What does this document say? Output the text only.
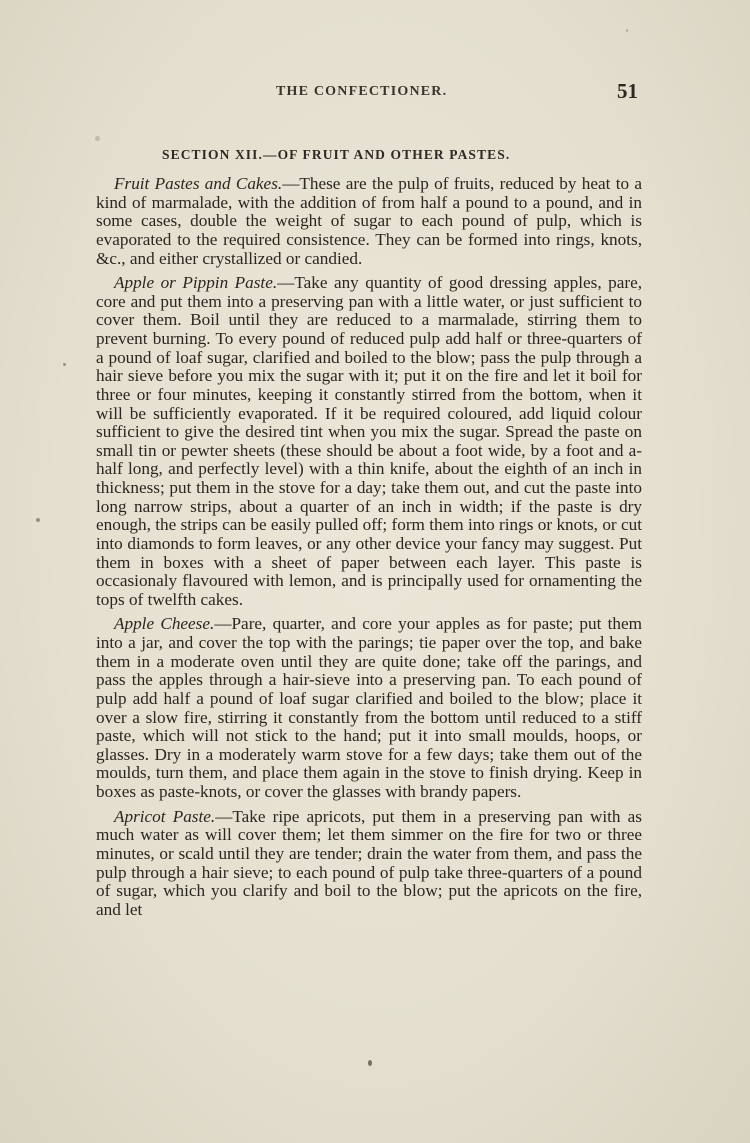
THE CONFECTIONER.	51
SECTION XII.—OF FRUIT AND OTHER PASTES.

Fruit Pastes and Cakes.—These are the pulp of fruits, reduced by heat to a kind of marmalade, with the addition of from half a pound to a pound, and in some cases, double the weight of sugar to each pound of pulp, which is evaporated to the required consistence. They can be formed into rings, knots, &c., and either crystallized or candied.

Apple or Pippin Paste.—Take any quantity of good dressing apples, pare, core and put them into a preserving pan with a little water, or just sufficient to cover them. Boil until they are reduced to a marmalade, stirring them to prevent burning. To every pound of reduced pulp add half or three-quarters of a pound of loaf sugar, clarified and boiled to the blow; pass the pulp through a hair sieve before you mix the sugar with it; put it on the fire and let it boil for three or four minutes, keeping it constantly stirred from the bottom, when it will be sufficiently evaporated. If it be required coloured, add liquid colour sufficient to give the desired tint when you mix the sugar. Spread the paste on small tin or pewter sheets (these should be about a foot wide, by a foot and a-half long, and perfectly level) with a thin knife, about the eighth of an inch in thickness; put them in the stove for a day; take them out, and cut the paste into long narrow strips, about a quarter of an inch in width; if the paste is dry enough, the strips can be easily pulled off; form them into rings or knots, or cut into diamonds to form leaves, or any other device your fancy may suggest. Put them in boxes with a sheet of paper between each layer. This paste is occasionaly flavoured with lemon, and is principally used for ornamenting the tops of twelfth cakes.

Apple Cheese.—Pare, quarter, and core your apples as for paste; put them into a jar, and cover the top with the parings; tie paper over the top, and bake them in a moderate oven until they are quite done; take off the parings, and pass the apples through a hair-sieve into a preserving pan. To each pound of pulp add half a pound of loaf sugar clarified and boiled to the blow; place it over a slow fire, stirring it constantly from the bottom until reduced to a stiff paste, which will not stick to the hand; put it into small moulds, hoops, or glasses. Dry in a moderately warm stove for a few days; take them out of the moulds, turn them, and place them again in the stove to finish drying. Keep in boxes as paste-knots, or cover the glasses with brandy papers.

Apricot Paste.—Take ripe apricots, put them in a preserving pan with as much water as will cover them; let them simmer on the fire for two or three minutes, or scald until they are tender; drain the water from them, and pass the pulp through a hair sieve; to each pound of pulp take three-quarters of a pound of sugar, which you clarify and boil to the blow; put the apricots on the fire, and let
